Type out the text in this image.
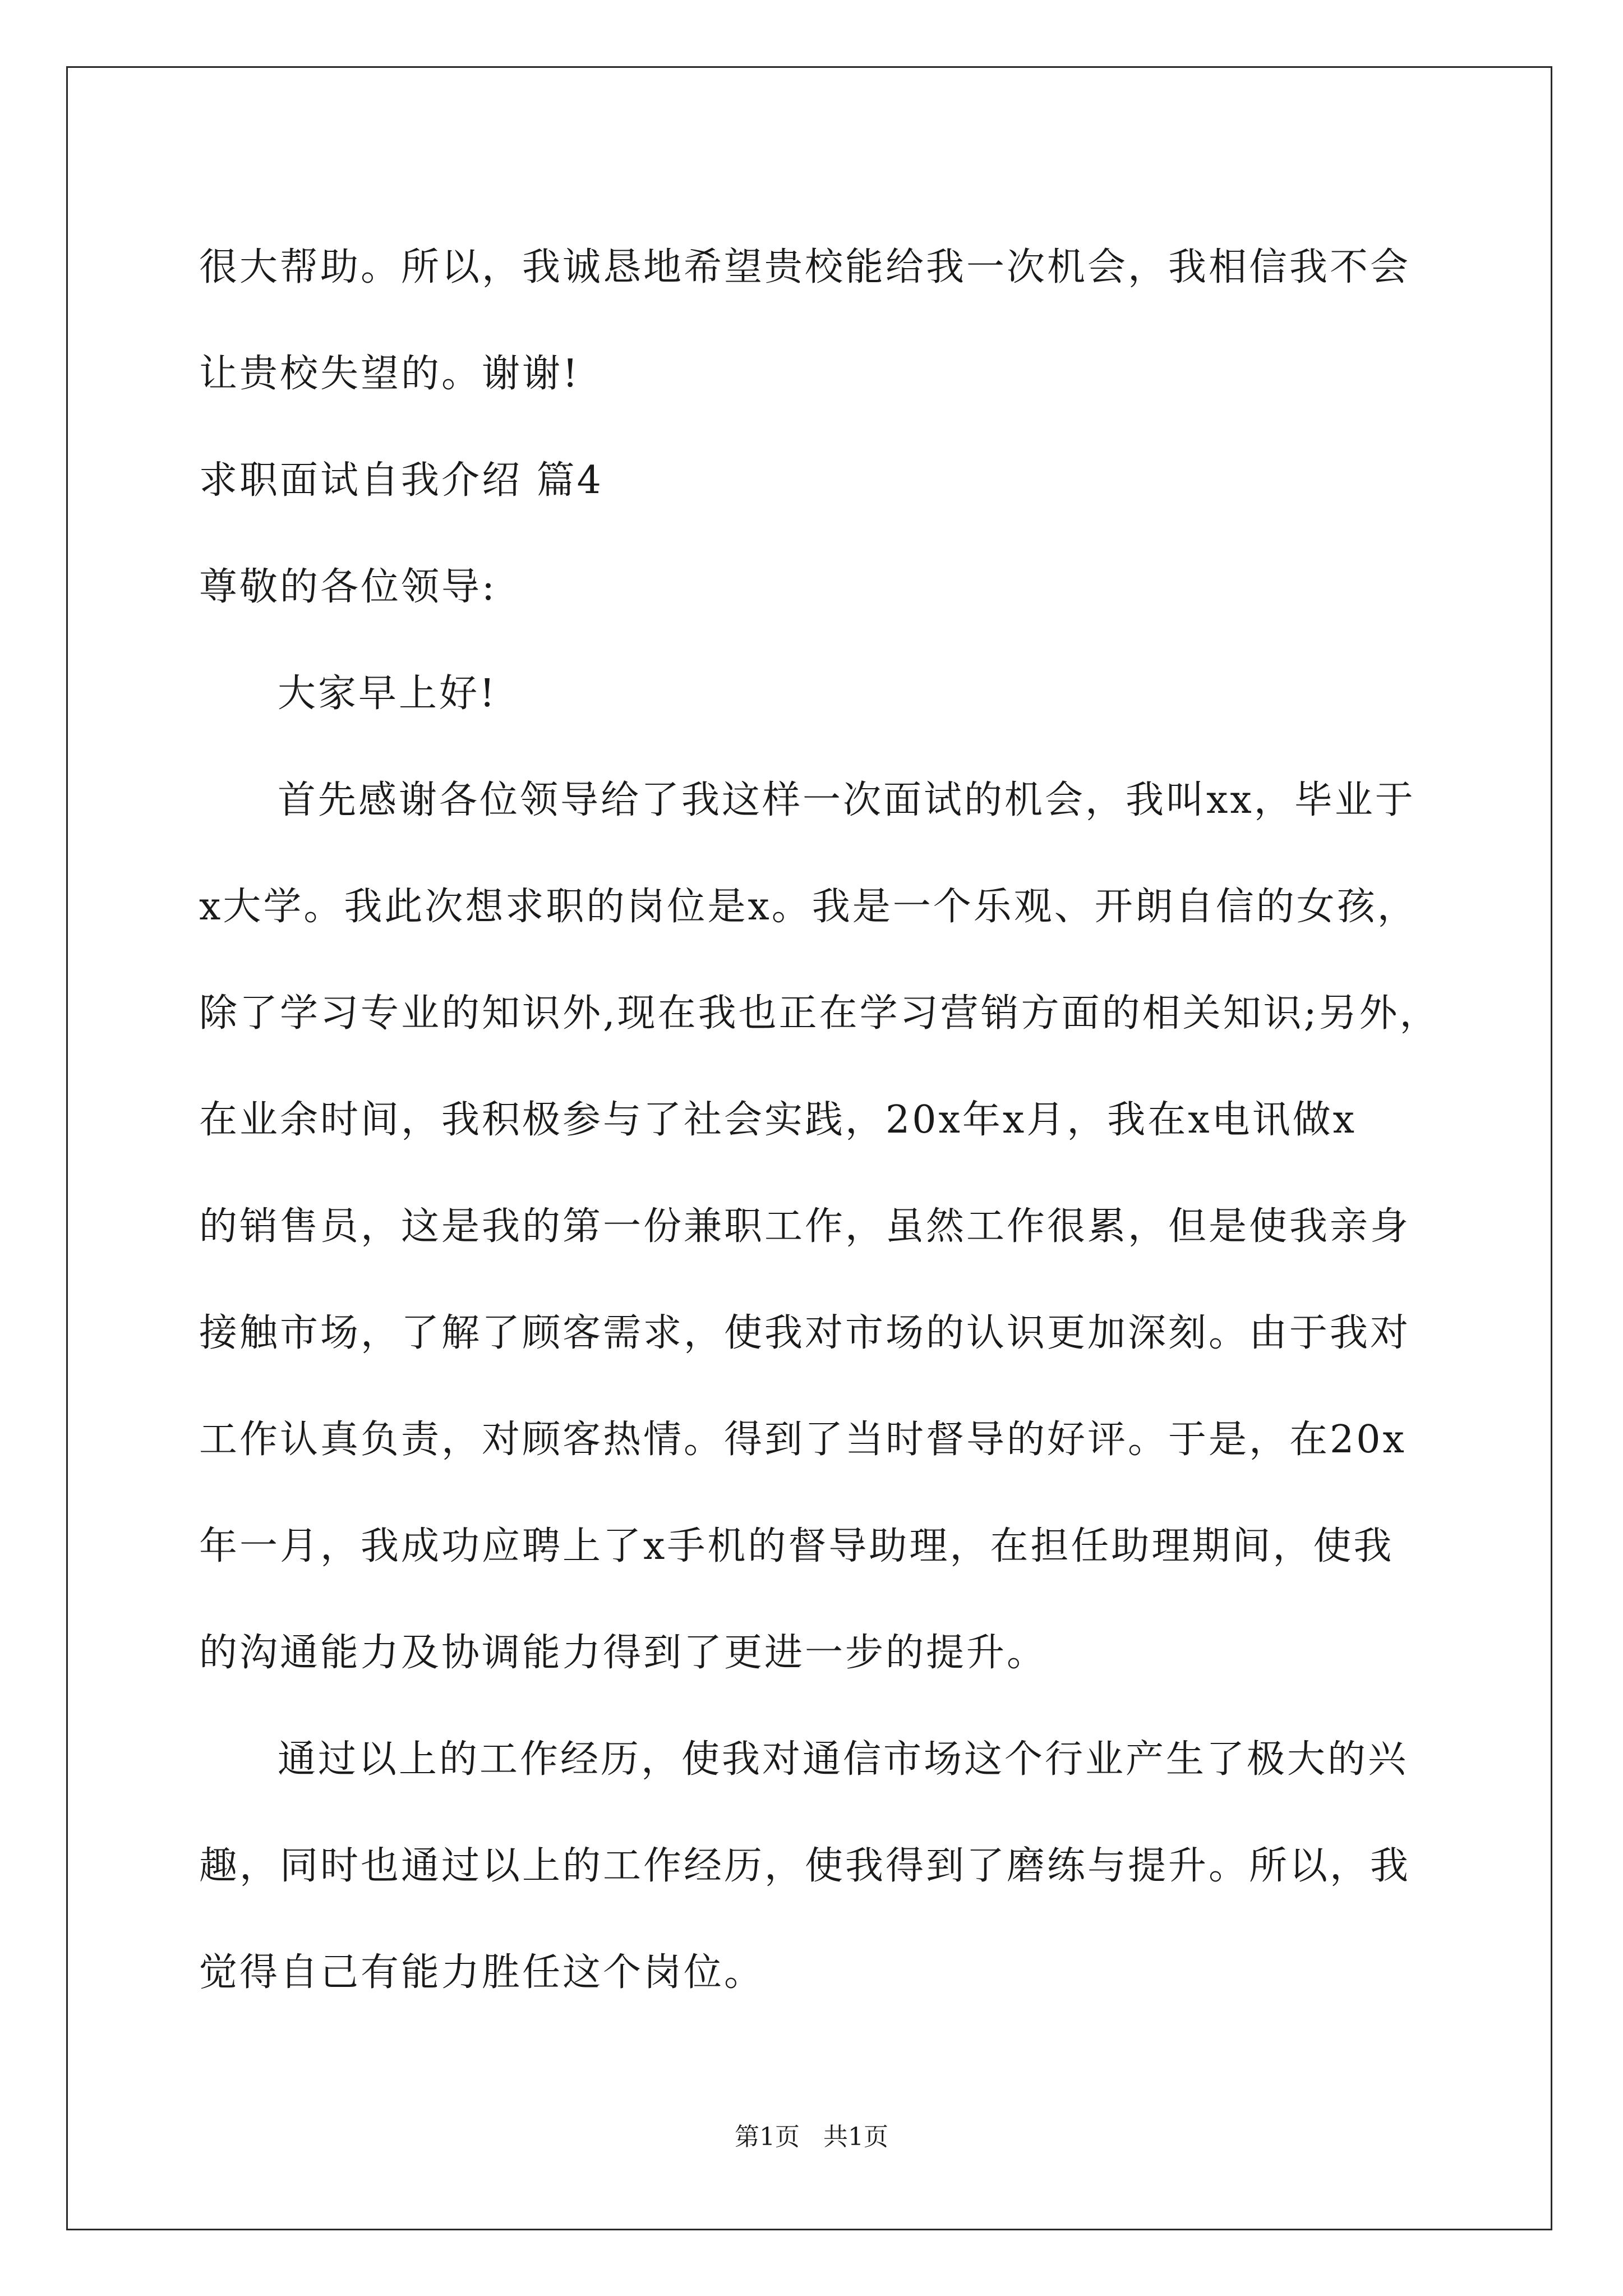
很大帮助。所以，我诚恳地希望贵校能给我一次机会，我相信我不会
让贵校失望的。谢谢!
求职面试自我介绍 篇4
尊敬的各位领导:
大家早上好!
首先感谢各位领导给了我这样一次面试的机会，我叫xx，毕业于
x大学。我此次想求职的岗位是x。我是一个乐观、开朗自信的女孩，
除了学习专业的知识外,现在我也正在学习营销方面的相关知识;另外，
在业余时间，我积极参与了社会实践，20x年x月，我在x电讯做x
的销售员，这是我的第一份兼职工作，虽然工作很累，但是使我亲身
接触市场，了解了顾客需求，使我对市场的认识更加深刻。由于我对
工作认真负责，对顾客热情。得到了当时督导的好评。于是，在20x
年一月，我成功应聘上了x手机的督导助理，在担任助理期间，使我
的沟通能力及协调能力得到了更进一步的提升。
通过以上的工作经历，使我对通信市场这个行业产生了极大的兴
趣，同时也通过以上的工作经历，使我得到了磨练与提升。所以，我
觉得自己有能力胜任这个岗位。
第1页   共1页
